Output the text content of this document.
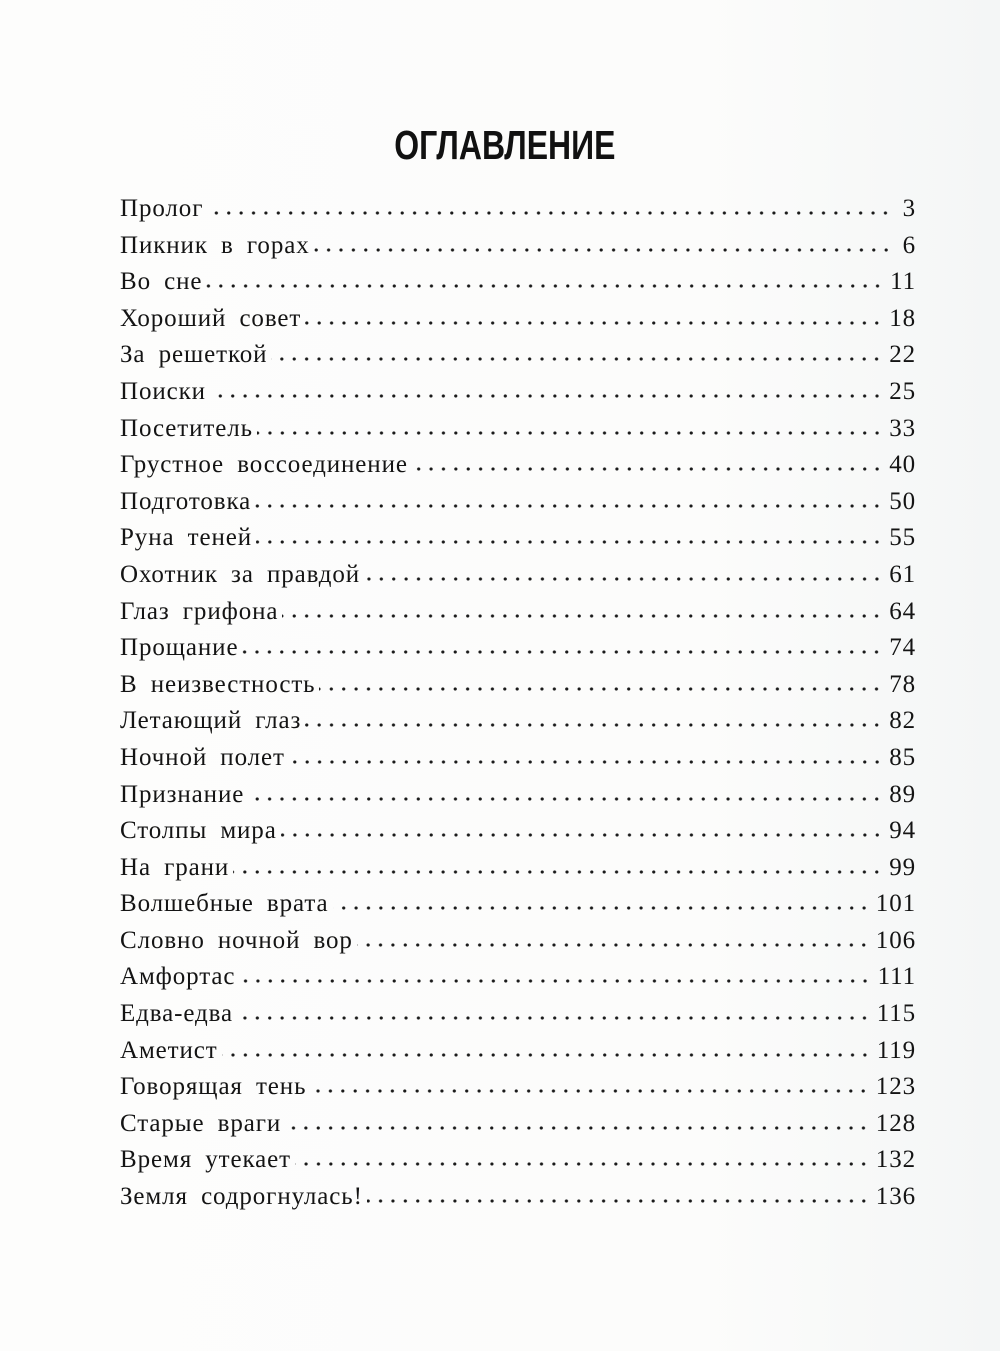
ОГЛАВЛЕНИЕ
Пролог	3
Пикник в горах	6
Во сне	11
Хороший совет	18
За решеткой	22
Поиски	25
Посетитель	33
Грустное воссоединение	40
Подготовка	50
Руна теней	55
Охотник за правдой	61
Глаз грифона	64
Прощание	74
В неизвестность	78
Летающий глаз	82
Ночной полет	85
Признание	89
Столпы мира	94
На грани	99
Волшебные врата	101
Словно ночной вор	106
Амфортас	111
Едва-едва	115
Аметист	119
Говорящая тень	123
Старые враги	128
Время утекает	132
Земля содрогнулась!	136
